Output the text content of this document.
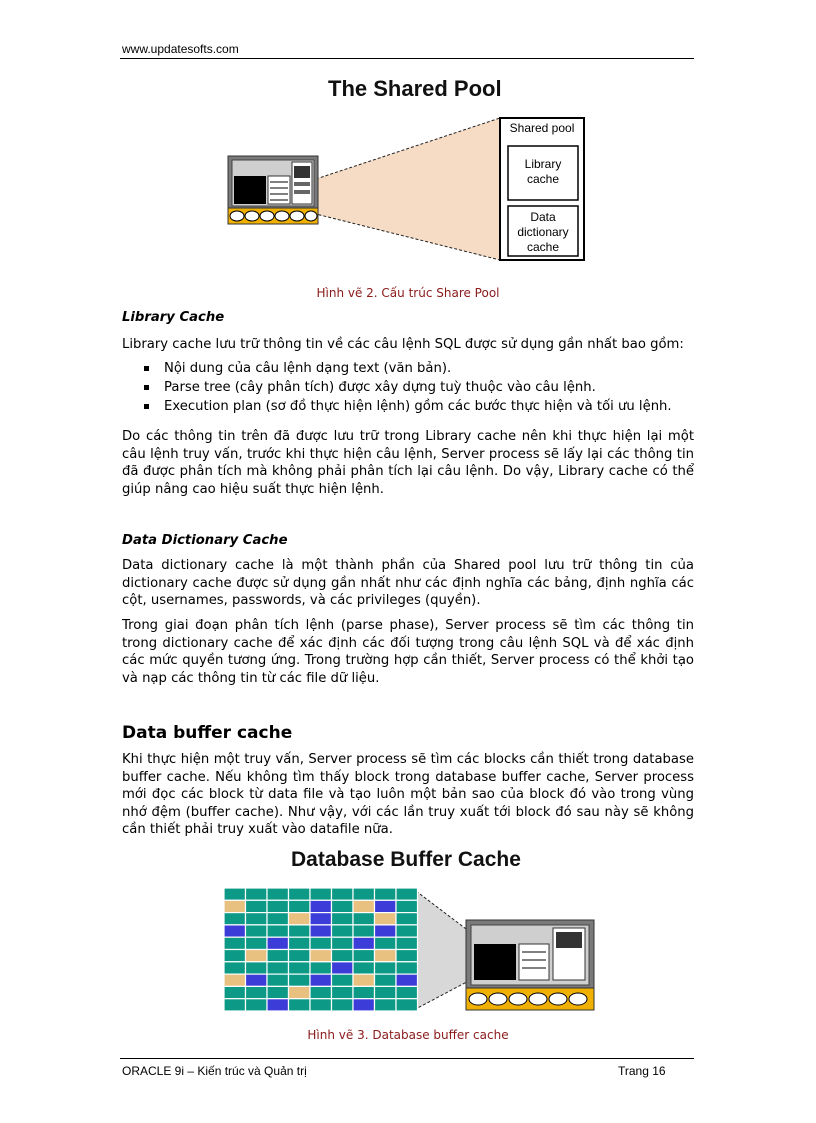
www.updatesofts.com
The Shared Pool
Shared pool
Library
cache
Data
dictionary
cache
Hình vẽ 2. Cấu trúc Share Pool
Library Cache
Library cache lưu trữ thông tin về các câu lệnh SQL được sử dụng gần nhất bao gồm:
Nội dung của câu lệnh dạng text (văn bản).
Parse tree (cây phân tích) được xây dựng tuỳ thuộc vào câu lệnh.
Execution plan (sơ đồ thực hiện lệnh) gồm các bước thực hiện và tối ưu lệnh.
Do các thông tin trên đã được lưu trữ trong Library cache nên khi thực hiện lại một câu lệnh truy vấn, trước khi thực hiện câu lệnh, Server process sẽ lấy lại các thông tin đã được phân tích mà không phải phân tích lại câu lệnh. Do vậy, Library cache có thể giúp nâng cao hiệu suất thực hiện lệnh.
Data Dictionary Cache
Data dictionary cache là một thành phần của Shared pool lưu trữ thông tin của dictionary cache được sử dụng gần nhất như các định nghĩa các bảng, định nghĩa các cột, usernames, passwords, và các privileges (quyền).
Trong giai đoạn phân tích lệnh (parse phase), Server process sẽ tìm các thông tin trong dictionary cache để xác định các đối tượng trong câu lệnh SQL và để xác định các mức quyền tương ứng. Trong trường hợp cần thiết, Server process có thể khởi tạo và nạp các thông tin từ các file dữ liệu.
Data buffer cache
Khi thực hiện một truy vấn, Server process sẽ tìm các blocks cần thiết trong database buffer cache. Nếu không tìm thấy block trong database buffer cache, Server process mới đọc các block từ data file và tạo luôn một bản sao của block đó vào trong vùng nhớ đệm (buffer cache). Như vậy, với các lần truy xuất tới block đó sau này sẽ không cần thiết phải truy xuất vào datafile nữa.
Database Buffer Cache
Hình vẽ 3. Database buffer cache
ORACLE 9i – Kiến trúc và Quản trị	Trang 16
